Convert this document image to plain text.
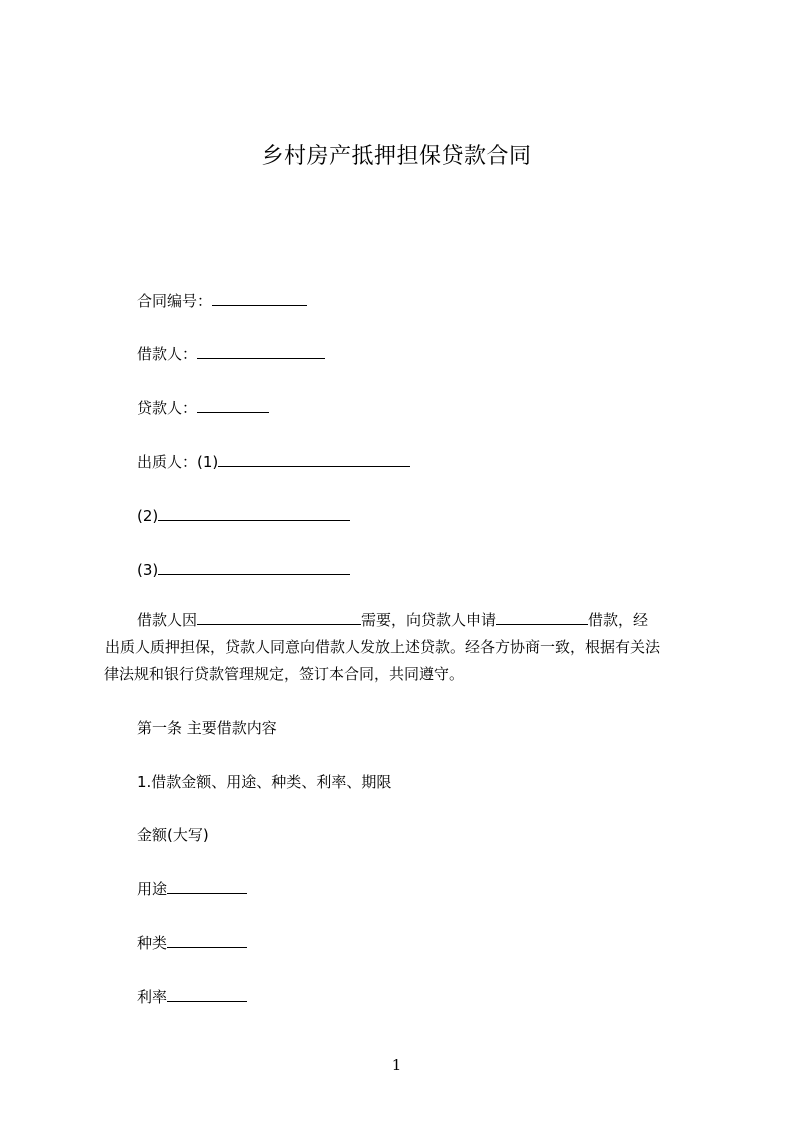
乡村房产抵押担保贷款合同
合同编号：
借款人：
贷款人：
出质人：(1)
(2)
(3)
借款人因	需要，向贷款人申请	借款，经
出质人质押担保，贷款人同意向借款人发放上述贷款。经各方协商一致，根据有关法
律法规和银行贷款管理规定，签订本合同，共同遵守。
第一条 主要借款内容
1.借款金额、用途、种类、利率、期限
金额(大写)
用途
种类
利率
1
